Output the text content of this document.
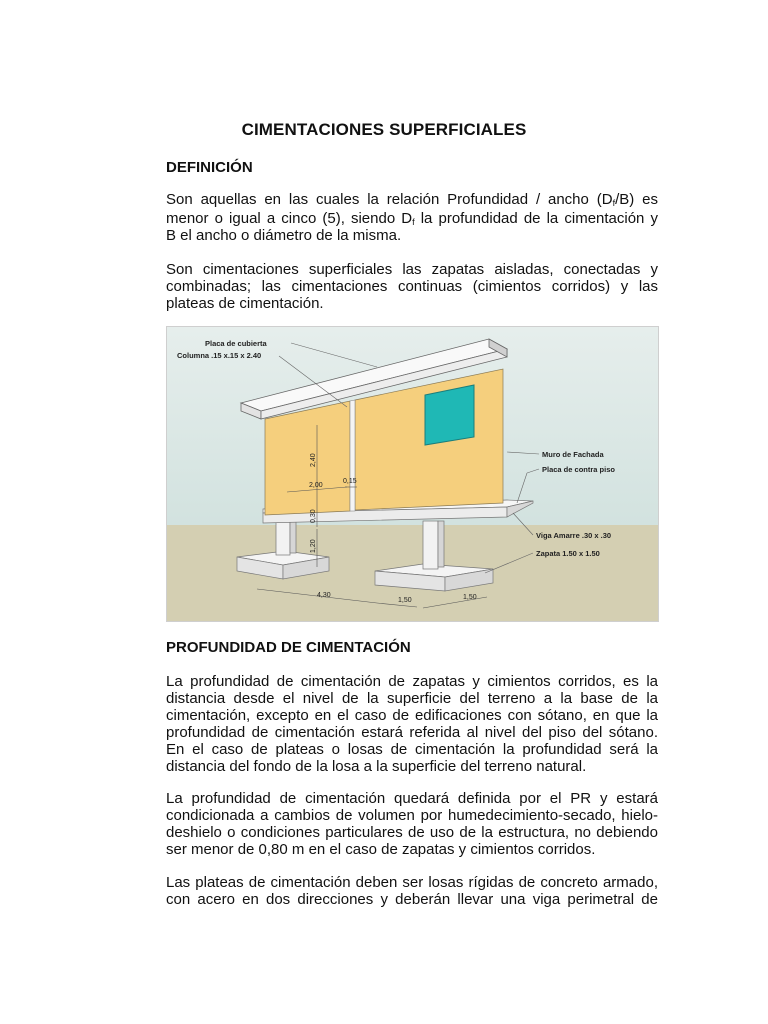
CIMENTACIONES SUPERFICIALES
DEFINICIÓN
Son aquellas en las cuales la relación Profundidad / ancho $(D_f/B)$ es
menor o igual a cinco (5), siendo $D_f$ la profundidad de la cimentación y
B el ancho o diámetro de la misma.
Son cimentaciones superficiales las zapatas aisladas, conectadas y
combinadas; las cimentaciones continuas (cimientos corridos) y las
plateas de cimentación.
2,40
2,00
0,15
0,30
1,20
4,30
1,50	1,50
Placa de cubierta
Columna .15 x.15 x 2.40
Muro de Fachada
Placa de contra piso
Viga Amarre .30 x .30
Zapata 1.50 x 1.50
PROFUNDIDAD DE CIMENTACIÓN
La profundidad de cimentación de zapatas y cimientos corridos, es la
distancia desde el nivel de la superficie del terreno a la base de la
cimentación, excepto en el caso de edificaciones con sótano, en que la
profundidad de cimentación estará referida al nivel del piso del sótano.
En el caso de plateas o losas de cimentación la profundidad será la
distancia del fondo de la losa a la superficie del terreno natural.
La profundidad de cimentación quedará definida por el PR y estará
condicionada a cambios de volumen por humedecimiento-secado, hielo-
deshielo o condiciones particulares de uso de la estructura, no debiendo
ser menor de 0,80 m en el caso de zapatas y cimientos corridos.
Las plateas de cimentación deben ser losas rígidas de concreto armado,
con acero en dos direcciones y deberán llevar una viga perimetral de
